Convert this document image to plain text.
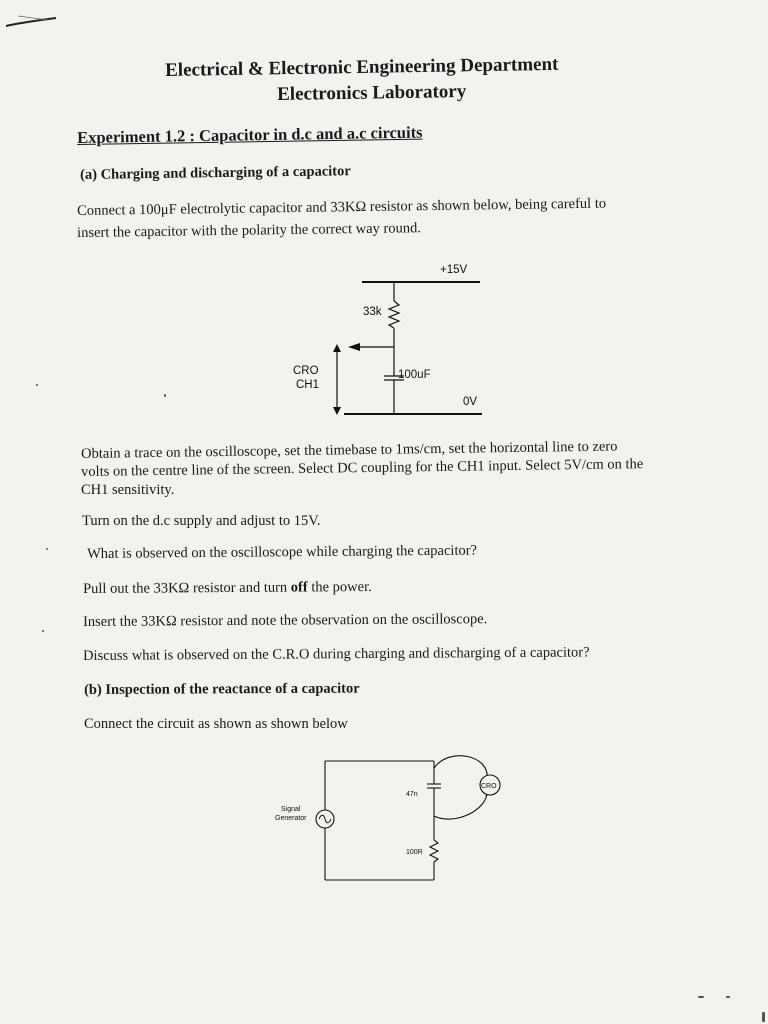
Electrical & Electronic Engineering Department
Electronics Laboratory
Experiment 1.2 : Capacitor in d.c and a.c circuits
(a) Charging and discharging of a capacitor
Connect a 100μF electrolytic capacitor and 33KΩ resistor as shown below, being careful to
insert the capacitor with the polarity the correct way round.
+15V
33k
100uF
0V
CRO
CH1
Obtain a trace on the oscilloscope, set the timebase to 1ms/cm, set the horizontal line to zero
volts on the centre line of the screen. Select DC coupling for the CH1 input. Select 5V/cm on the
CH1 sensitivity.
Turn on the d.c supply and adjust to 15V.
What is observed on the oscilloscope while charging the capacitor?
Pull out the 33KΩ resistor and turn off the power.
Insert the 33KΩ resistor and note the observation on the oscilloscope.
Discuss what is observed on the C.R.O during charging and discharging of a capacitor?
(b) Inspection of the reactance of a capacitor
Connect the circuit as shown as shown below
Signal
Generator
47n
100R
CRO
